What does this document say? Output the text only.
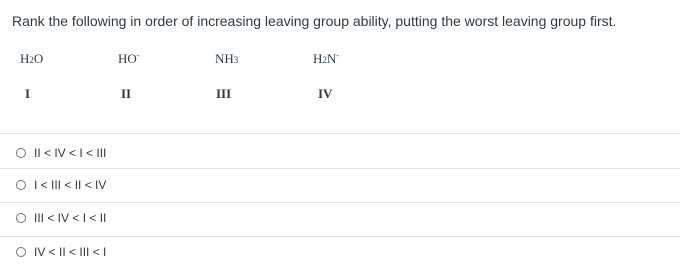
Rank the following in order of increasing leaving group ability, putting the worst leaving group first.
H2O	HO-	NH3	H2N-
I	II	III	IV
II < IV < I < III
I < III < II < IV
III < IV < I < II
IV < II < III < I
